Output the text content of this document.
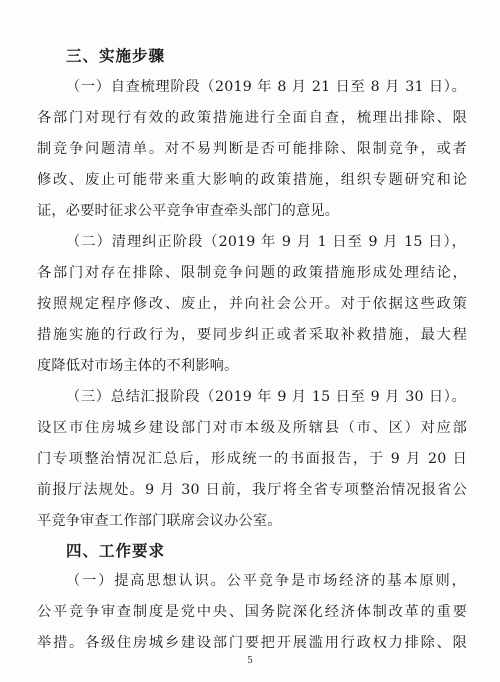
三、实施步骤
（一）自查梳理阶段（2019 年 8 月 21 日至 8 月 31 日）。
各部门对现行有效的政策措施进行全面自查，梳理出排除、限
制竞争问题清单。对不易判断是否可能排除、限制竞争，或者
修改、废止可能带来重大影响的政策措施，组织专题研究和论
证，必要时征求公平竞争审查牵头部门的意见。
（二）清理纠正阶段（2019 年 9 月 1 日至 9 月 15 日），
各部门对存在排除、限制竞争问题的政策措施形成处理结论，
按照规定程序修改、废止，并向社会公开。对于依据这些政策
措施实施的行政行为，要同步纠正或者采取补救措施，最大程
度降低对市场主体的不利影响。
（三）总结汇报阶段（2019 年 9 月 15 日至 9 月 30 日）。
设区市住房城乡建设部门对市本级及所辖县（市、区）对应部
门专项整治情况汇总后，形成统一的书面报告，于 9 月 20 日
前报厅法规处。9 月 30 日前，我厅将全省专项整治情况报省公
平竞争审查工作部门联席会议办公室。
四、工作要求
（一）提高思想认识。公平竞争是市场经济的基本原则，
公平竞争审查制度是党中央、国务院深化经济体制改革的重要
举措。各级住房城乡建设部门要把开展滥用行政权力排除、限
5
